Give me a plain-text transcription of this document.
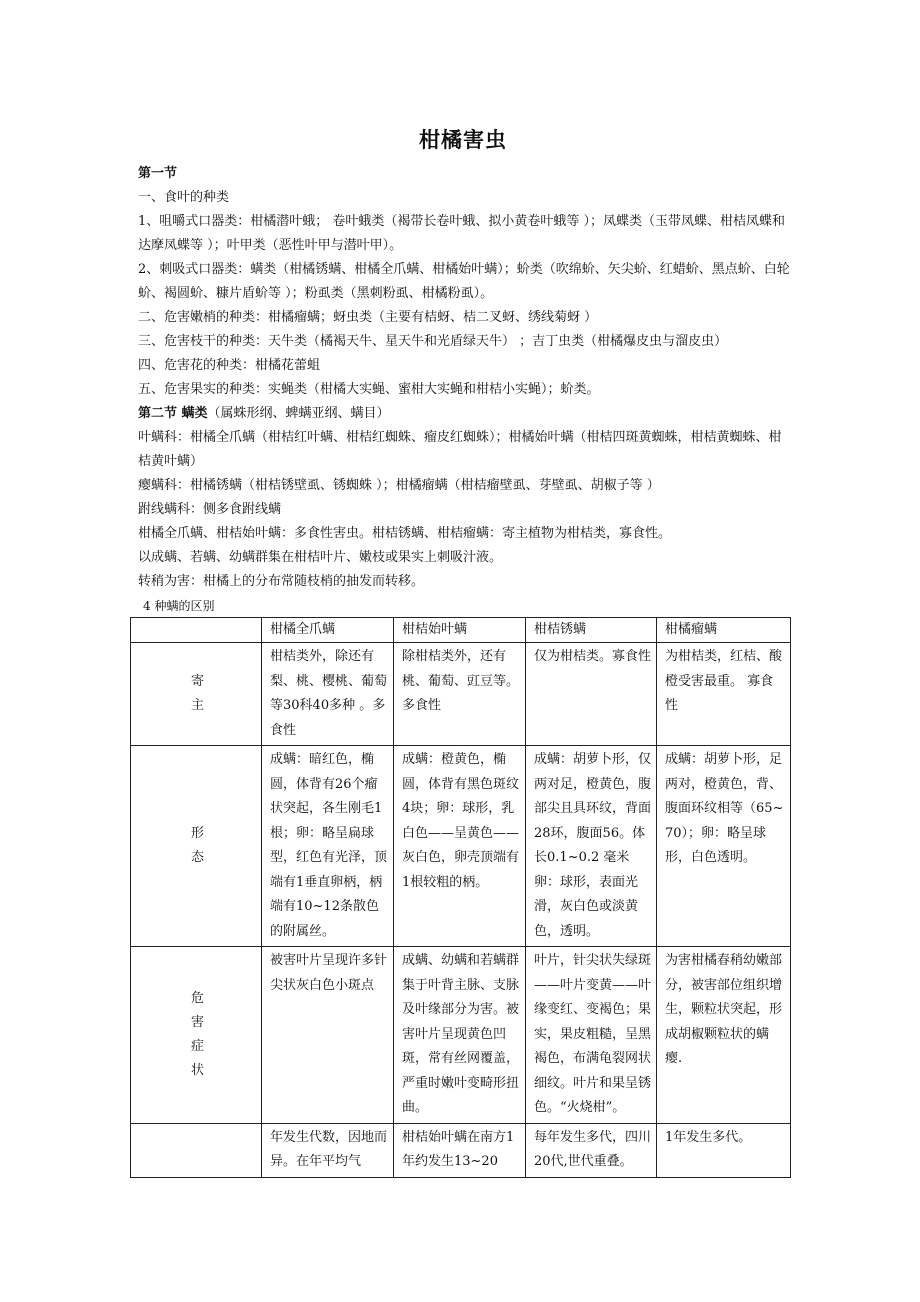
柑橘害虫

第一节

一、食叶的种类

1、咀嚼式口器类：柑橘潜叶蛾； 卷叶蛾类（褐带长卷叶蛾、拟小黄卷叶蛾等 ）；凤蝶类（玉带凤蝶、柑桔凤蝶和达摩凤蝶等 ）；叶甲类（恶性叶甲与潜叶甲）。

2、刺吸式口器类：螨类（柑橘锈螨、柑橘全爪螨、柑橘始叶螨）；蚧类（吹绵蚧、矢尖蚧、红蜡蚧、黑点蚧、白轮蚧、褐圆蚧、糠片盾蚧等 ）；粉虱类（黑刺粉虱、柑橘粉虱）。

二、危害嫩梢的种类：柑橘瘤螨；蚜虫类（主要有桔蚜、桔二叉蚜、绣线菊蚜 ）

三、危害枝干的种类：天牛类（橘褐天牛、星天牛和光盾绿天牛） ；吉丁虫类（柑橘爆皮虫与溜皮虫）

四、危害花的种类：柑橘花蕾蛆

五、危害果实的种类：实蝇类（柑橘大实蝇、蜜柑大实蝇和柑桔小实蝇）；蚧类。

第二节 螨类（属蛛形纲、蜱螨亚纲、螨目）

叶螨科：柑橘全爪螨（柑桔红叶螨、柑桔红蜘蛛、瘤皮红蜘蛛）；柑橘始叶螨（柑桔四斑黄蜘蛛，柑桔黄蜘蛛、柑桔黄叶螨）

瘿螨科：柑橘锈螨（柑桔锈壁虱、锈蜘蛛 ）；柑橘瘤螨（柑桔瘤壁虱、芽壁虱、胡椒子等 ）

跗线螨科：侧多食跗线螨

柑橘全爪螨、柑桔始叶螨：多食性害虫。柑桔锈螨、柑桔瘤螨：寄主植物为柑桔类，寡食性。

以成螨、若螨、幼螨群集在柑桔叶片、嫩枝或果实上刺吸汁液。

转稍为害：柑橘上的分布常随枝梢的抽发而转移。

4 种螨的区别
	柑橘全爪螨	柑桔始叶螨	柑桔锈螨	柑橘瘤螨
寄主	柑桔类外，除还有梨、桃、樱桃、葡萄等30科40多种 。多食性	除柑桔类外，还有桃、葡萄、豇豆等。多食性	仅为柑桔类。寡食性	为柑桔类，红桔、酸橙受害最重。 寡食性
形态	成螨：暗红色，椭圆，体背有26个瘤状突起，各生刚毛1根；卵：略呈扁球型，红色有光泽，顶端有1垂直卵柄，柄端有10~12条散色的附属丝。	成螨：橙黄色，椭圆，体背有黑色斑纹4块；卵：球形，乳白色——呈黄色——灰白色，卵壳顶端有1根较粗的柄。	成螨：胡萝卜形，仅两对足，橙黄色，腹部尖且具环纹，背面28环，腹面56。体长0.1~0.2 毫米卵：球形，表面光滑，灰白色或淡黄色，透明。	成螨：胡萝卜形，足两对，橙黄色，背、腹面环纹相等（65~70）；卵：略呈球形，白色透明。
危害症状	被害叶片呈现许多针尖状灰白色小斑点	成螨、幼螨和若螨群集于叶背主脉、支脉及叶缘部分为害。被害叶片呈现黄色凹斑，常有丝网覆盖，严重时嫩叶变畸形扭曲。	叶片，针尖状失绿斑 ——叶片变黄——叶缘变红、变褐色；果实，果皮粗糙，呈黑褐色，布满龟裂网状细纹。叶片和果呈锈色。“火烧柑”。	为害柑橘春稍幼嫩部分，被害部位组织增生，颗粒状突起，形成胡椒颗粒状的螨瘿.
	年发生代数，因地而异。在年平均气	柑桔始叶螨在南方1年约发生13~20	每年发生多代，四川20代,世代重叠。	1年发生多代。
